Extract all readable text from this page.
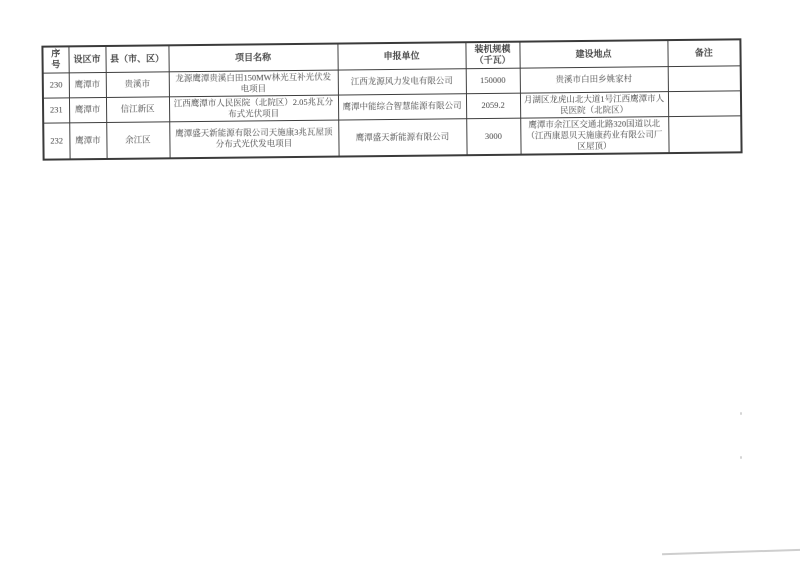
序号	设区市	县（市、区）	项目名称	申报单位	装机规模（千瓦）	建设地点	备注
230	鹰潭市	贵溪市	龙源鹰潭贵溪白田150MW林光互补光伏发电项目	江西龙源风力发电有限公司	150000	贵溪市白田乡姚家村	
231	鹰潭市	信江新区	江西鹰潭市人民医院（北院区）2.05兆瓦分布式光伏项目	鹰潭中能综合智慧能源有限公司	2059.2	月湖区龙虎山北大道1号江西鹰潭市人民医院（北院区）	
232	鹰潭市	余江区	鹰潭盛天新能源有限公司天施康3兆瓦屋顶分布式光伏发电项目	鹰潭盛天新能源有限公司	3000	鹰潭市余江区交通北路320国道以北（江西康恩贝天施康药业有限公司厂区屋顶）	
